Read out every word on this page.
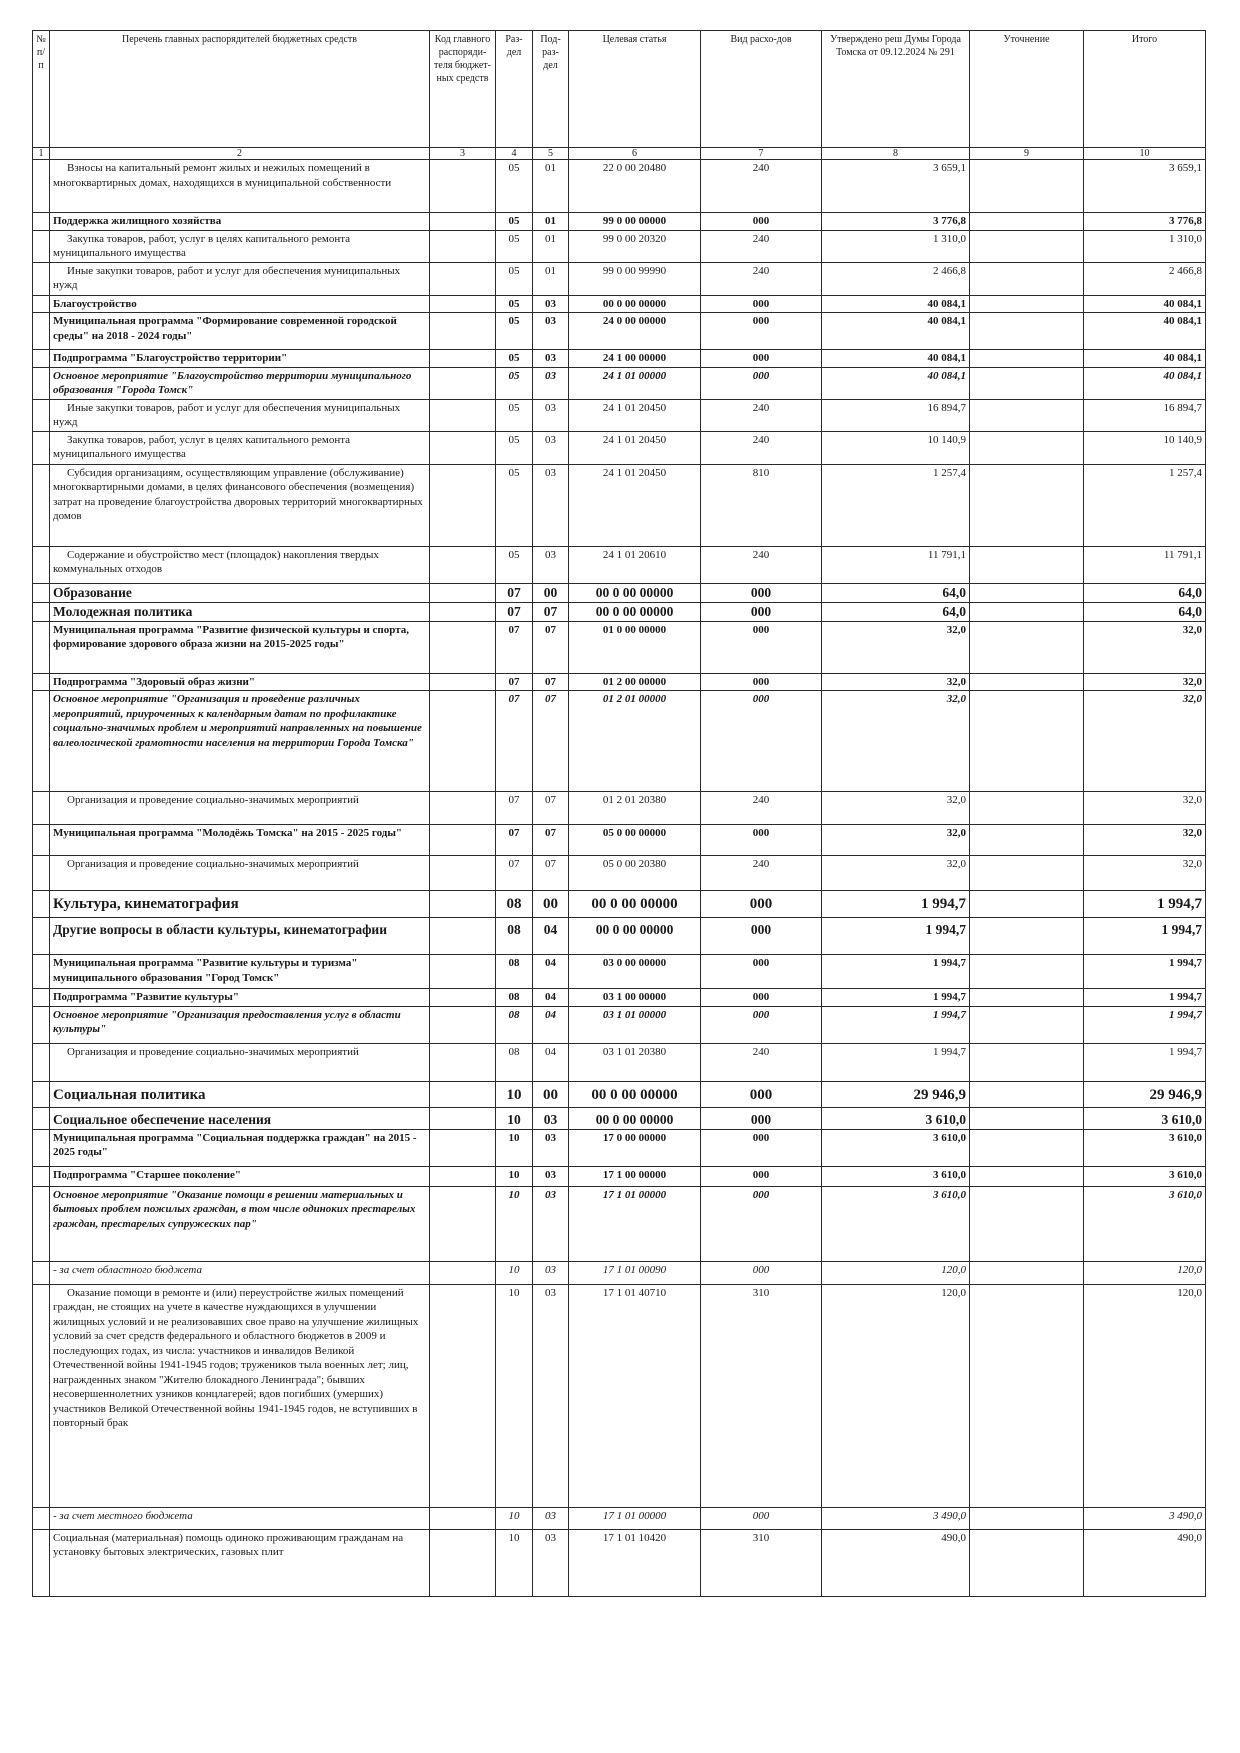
№ п/п	Перечень главных распорядителей бюджетных средств	Код главного распоряди-теля бюджет-ных средств	Раз-дел	Под-раз-дел	Целевая статья	Вид расхо-дов	Утверждено реш Думы Города Томска от 09.12.2024 № 291	Уточнение	Итого
1	2	3	4	5	6	7	8	9	10
	Взносы на капитальный ремонт жилых и нежилых помещений в многоквартирных домах, находящихся в муниципальной собственности		05	01	22 0 00 20480	240	3 659,1		3 659,1
	Поддержка жилищного хозяйства		05	01	99 0 00 00000	000	3 776,8		3 776,8
	Закупка товаров, работ, услуг в целях капитального ремонта муниципального имущества		05	01	99 0 00 20320	240	1 310,0		1 310,0
	Иные закупки товаров, работ и услуг для обеспечения муниципальных нужд		05	01	99 0 00 99990	240	2 466,8		2 466,8
	Благоустройство		05	03	00 0 00 00000	000	40 084,1		40 084,1
	Муниципальная программа "Формирование современной городской среды" на 2018 - 2024 годы"		05	03	24 0 00 00000	000	40 084,1		40 084,1
	Подпрограмма "Благоустройство территории"		05	03	24 1 00 00000	000	40 084,1		40 084,1
	Основное мероприятие "Благоустройство территории муниципального образования "Города Томск"		05	03	24 1 01 00000	000	40 084,1		40 084,1
	Иные закупки товаров, работ и услуг для обеспечения муниципальных нужд		05	03	24 1 01 20450	240	16 894,7		16 894,7
	Закупка товаров, работ, услуг в целях капитального ремонта муниципального имущества		05	03	24 1 01 20450	240	10 140,9		10 140,9
	Субсидия организациям, осуществляющим управление (обслуживание) многоквартирными домами, в целях финансового обеспечения (возмещения) затрат на проведение благоустройства дворовых территорий многоквартирных домов		05	03	24 1 01 20450	810	1 257,4		1 257,4
	Содержание и обустройство мест (площадок) накопления твердых коммунальных отходов		05	03	24 1 01 20610	240	11 791,1		11 791,1
	Образование		07	00	00 0 00 00000	000	64,0		64,0
	Молодежная политика		07	07	00 0 00 00000	000	64,0		64,0
	Муниципальная программа "Развитие физической культуры и спорта, формирование здорового образа жизни на 2015-2025 годы"		07	07	01 0 00 00000	000	32,0		32,0
	Подпрограмма "Здоровый образ жизни"		07	07	01 2 00 00000	000	32,0		32,0
	Основное мероприятие "Организация и проведение различных мероприятий, приуроченных к календарным датам по профилактике социально-значимых проблем и мероприятий направленных на повышение валеологической грамотности населения на территории Города Томска"		07	07	01 2 01 00000	000	32,0		32,0
	Организация и проведение социально-значимых мероприятий		07	07	01 2 01 20380	240	32,0		32,0
	Муниципальная программа "Молодёжь Томска" на 2015 - 2025 годы"		07	07	05 0 00 00000	000	32,0		32,0
	Организация и проведение социально-значимых мероприятий		07	07	05 0 00 20380	240	32,0		32,0
	Культура, кинематография		08	00	00 0 00 00000	000	1 994,7		1 994,7
	Другие вопросы в области культуры, кинематографии		08	04	00 0 00 00000	000	1 994,7		1 994,7
	Муниципальная программа "Развитие культуры и туризма" муниципального образования "Город Томск"		08	04	03 0 00 00000	000	1 994,7		1 994,7
	Подпрограмма "Развитие культуры"		08	04	03 1 00 00000	000	1 994,7		1 994,7
	Основное мероприятие "Организация предоставления услуг в области культуры"		08	04	03 1 01 00000	000	1 994,7		1 994,7
	Организация и проведение социально-значимых мероприятий		08	04	03 1 01 20380	240	1 994,7		1 994,7
	Социальная политика		10	00	00 0 00 00000	000	29 946,9		29 946,9
	Социальное обеспечение населения		10	03	00 0 00 00000	000	3 610,0		3 610,0
	Муниципальная программа "Социальная поддержка граждан" на 2015 - 2025 годы"		10	03	17 0 00 00000	000	3 610,0		3 610,0
	Подпрограмма "Старшее поколение"		10	03	17 1 00 00000	000	3 610,0		3 610,0
	Основное мероприятие "Оказание помощи в решении материальных и бытовых проблем пожилых граждан, в том числе одиноких престарелых граждан, престарелых супружеских пар"		10	03	17 1 01 00000	000	3 610,0		3 610,0
	- за счет областного бюджета		10	03	17 1 01 00090	000	120,0		120,0
	Оказание помощи в ремонте и (или) переустройстве жилых помещений граждан, не стоящих на учете в качестве нуждающихся в улучшении жилищных условий и не реализовавших свое право на улучшение жилищных условий за счет средств федерального и областного бюджетов в 2009 и последующих годах, из числа: участников и инвалидов Великой Отечественной войны 1941-1945 годов; тружеников тыла военных лет; лиц, награжденных знаком "Жителю блокадного Ленинграда"; бывших несовершеннолетних узников концлагерей; вдов погибших (умерших) участников Великой Отечественной войны 1941-1945 годов, не вступивших в повторный брак		10	03	17 1 01 40710	310	120,0		120,0
	- за счет местного бюджета		10	03	17 1 01 00000	000	3 490,0		3 490,0
	Социальная (материальная) помощь одиноко проживающим гражданам на установку бытовых электрических, газовых плит		10	03	17 1 01 10420	310	490,0		490,0
